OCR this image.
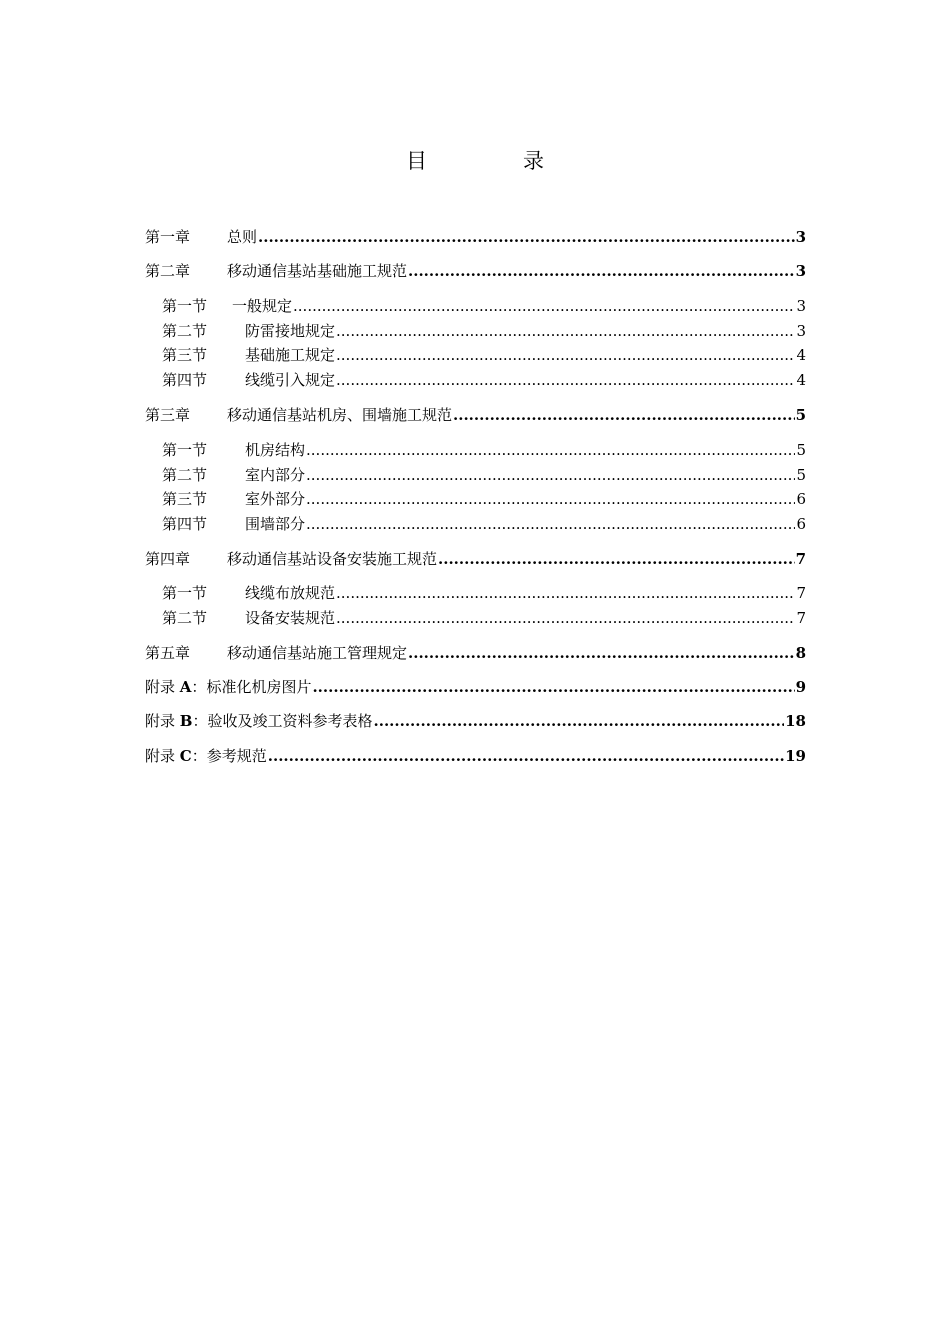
目	录
第一章	总则 .....	3
第二章	移动通信基站基础施工规范 .....	3
第一节	一般规定 .....	3
第二节	防雷接地规定 .....	3
第三节	基础施工规定 .....	4
第四节	线缆引入规定 .....	4
第三章	移动通信基站机房、围墙施工规范 .....	5
第一节	机房结构 .....	5
第二节	室内部分 .....	5
第三节	室外部分 .....	6
第四节	围墙部分 .....	6
第四章	移动通信基站设备安装施工规范 .....	7
第一节	线缆布放规范 .....	7
第二节	设备安装规范 .....	7
第五章	移动通信基站施工管理规定 .....	8
附录 A： 标准化机房图片 .....	9
附录 B： 验收及竣工资料参考表格 .....	18
附录 C： 参考规范 .....	19
